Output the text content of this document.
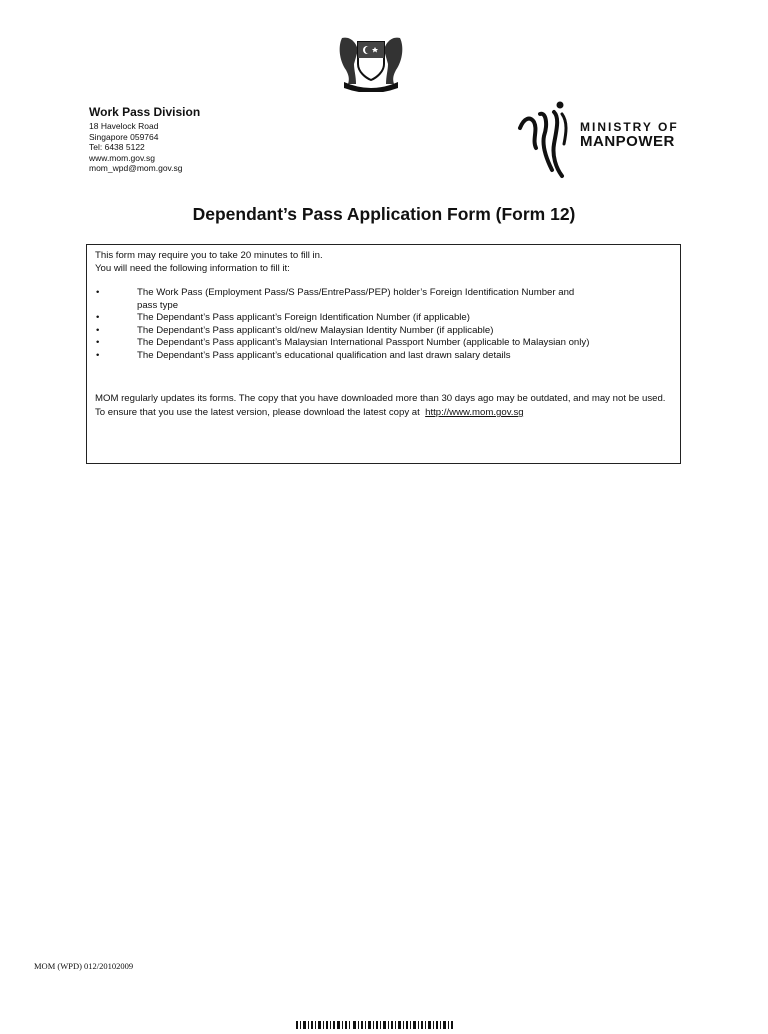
Work Pass Division
18 Havelock Road
Singapore 059764
Tel: 6438 5122
www.mom.gov.sg
mom_wpd@mom.gov.sg
MINISTRY OF
MANPOWER
Dependant’s Pass Application Form (Form 12)

This form may require you to take 20 minutes to fill in.

You will need the following information to fill it:

•	The Work Pass (Employment Pass/S Pass/EntrePass/PEP) holder’s Foreign Identification Number and
pass type
•	The Dependant’s Pass applicant’s Foreign Identification Number (if applicable)
•	The Dependant’s Pass applicant’s old/new Malaysian Identity Number (if applicable)
•	The Dependant’s Pass applicant’s Malaysian International Passport Number (applicable to Malaysian only)
•	The Dependant’s Pass applicant’s educational qualification and last drawn salary details

MOM regularly updates its forms. The copy that you have downloaded more than 30 days ago may be outdated, and may not be used. To ensure that you use the latest version, please download the latest copy at http://www.mom.gov.sg

MOM (WPD) 012/20102009
